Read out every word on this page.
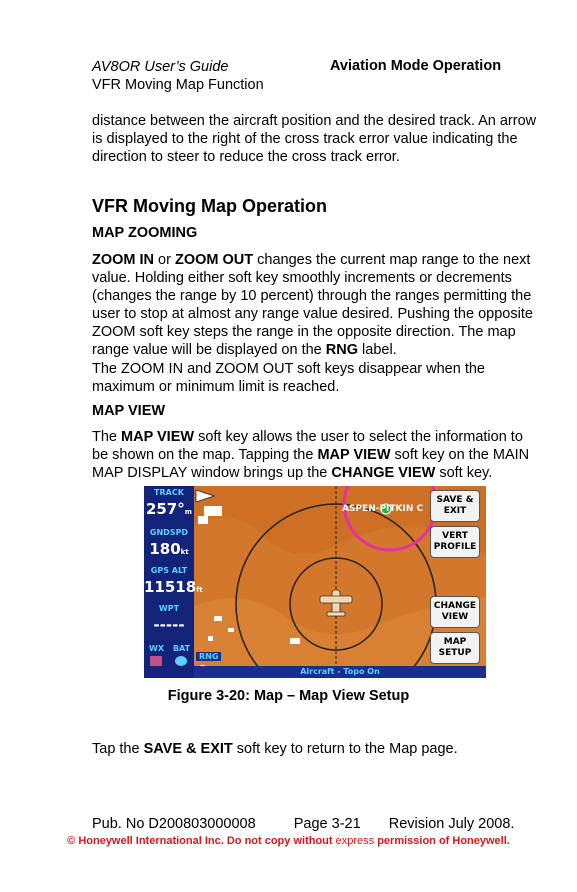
AV8OR User’s Guide
VFR Moving Map Function
Aviation Mode Operation
distance between the aircraft position and the desired track. An arrow is displayed to the right of the cross track error value indicating the direction to steer to reduce the cross track error.
VFR Moving Map Operation
MAP ZOOMING
ZOOM IN or ZOOM OUT changes the current map range to the next value. Holding either soft key smoothly increments or decrements (changes the range by 10 percent) through the ranges permitting the user to stop at almost any range value desired. Pushing the opposite ZOOM soft key steps the range in the opposite direction. The map range value will be displayed on the RNG label.
The ZOOM IN and ZOOM OUT soft keys disappear when the maximum or minimum limit is reached.
MAP VIEW
The MAP VIEW soft key allows the user to select the information to be shown on the map. Tapping the MAP VIEW soft key on the MAIN MAP DISPLAY window brings up the CHANGE VIEW soft key.
ASPEN-PITKIN C
TRACK
257°m
GNDSPD
180kt
GPS ALT
11518ft
WPT
-----
WX	BAT
RNG
SAVE &
EXIT
VERT
PROFILE
CHANGE
VIEW
MAP
SETUP
Aircraft - Topo On
Figure 3-20: Map – Map View Setup
Tap the SAVE & EXIT soft key to return to the Map page.
Pub. No D200803000008	Page 3-21 Revision July 2008.
© Honeywell International Inc. Do not copy without express permission of Honeywell.
